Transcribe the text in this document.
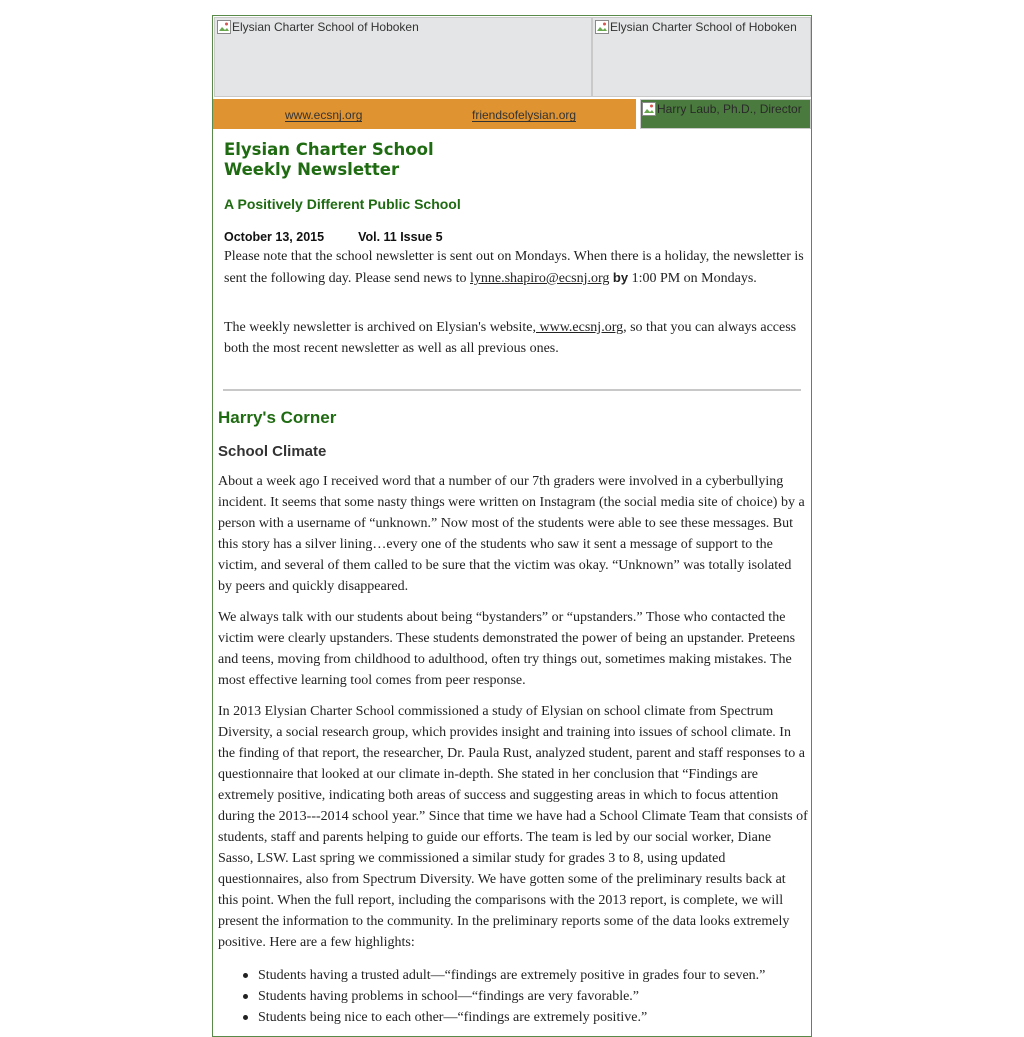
Elysian Charter School of Hoboken	Elysian Charter School of Hoboken
www.ecsnj.org	friendsofelysian.org	Harry Laub, Ph.D., Director
Elysian Charter School
Weekly Newsletter
A Positively Different Public School
October 13, 2015	Vol. 11 Issue 5

Please note that the school newsletter is sent out on Mondays. When there is a holiday, the newsletter is sent the following day. Please send news to lynne.shapiro@ecsnj.org by 1:00 PM on Mondays.

The weekly newsletter is archived on Elysian's website, www.ecsnj.org, so that you can always access both the most recent newsletter as well as all previous ones.

Harry's Corner
School Climate

About a week ago I received word that a number of our 7th graders were involved in a cyberbullying incident. It seems that some nasty things were written on Instagram (the social media site of choice) by a person with a username of “unknown.” Now most of the students were able to see these messages. But this story has a silver lining…every one of the students who saw it sent a message of support to the victim, and several of them called to be sure that the victim was okay. “Unknown” was totally isolated by peers and quickly disappeared.

We always talk with our students about being “bystanders” or “upstanders.” Those who contacted the victim were clearly upstanders. These students demonstrated the power of being an upstander. Preteens and teens, moving from childhood to adulthood, often try things out, sometimes making mistakes. The most effective learning tool comes from peer response.

In 2013 Elysian Charter School commissioned a study of Elysian on school climate from Spectrum Diversity, a social research group, which provides insight and training into issues of school climate. In the finding of that report, the researcher, Dr. Paula Rust, analyzed student, parent and staff responses to a questionnaire that looked at our climate in-depth. She stated in her conclusion that “Findings are extremely positive, indicating both areas of success and suggesting areas in which to focus attention during the 2013---2014 school year.” Since that time we have had a School Climate Team that consists of students, staff and parents helping to guide our efforts. The team is led by our social worker, Diane Sasso, LSW. Last spring we commissioned a similar study for grades 3 to 8, using updated questionnaires, also from Spectrum Diversity. We have gotten some of the preliminary results back at this point. When the full report, including the comparisons with the 2013 report, is complete, we will present the information to the community. In the preliminary reports some of the data looks extremely positive. Here are a few highlights:

Students having a trusted adult—“findings are extremely positive in grades four to seven.”
Students having problems in school—“findings are very favorable.”
Students being nice to each other—“findings are extremely positive.”
